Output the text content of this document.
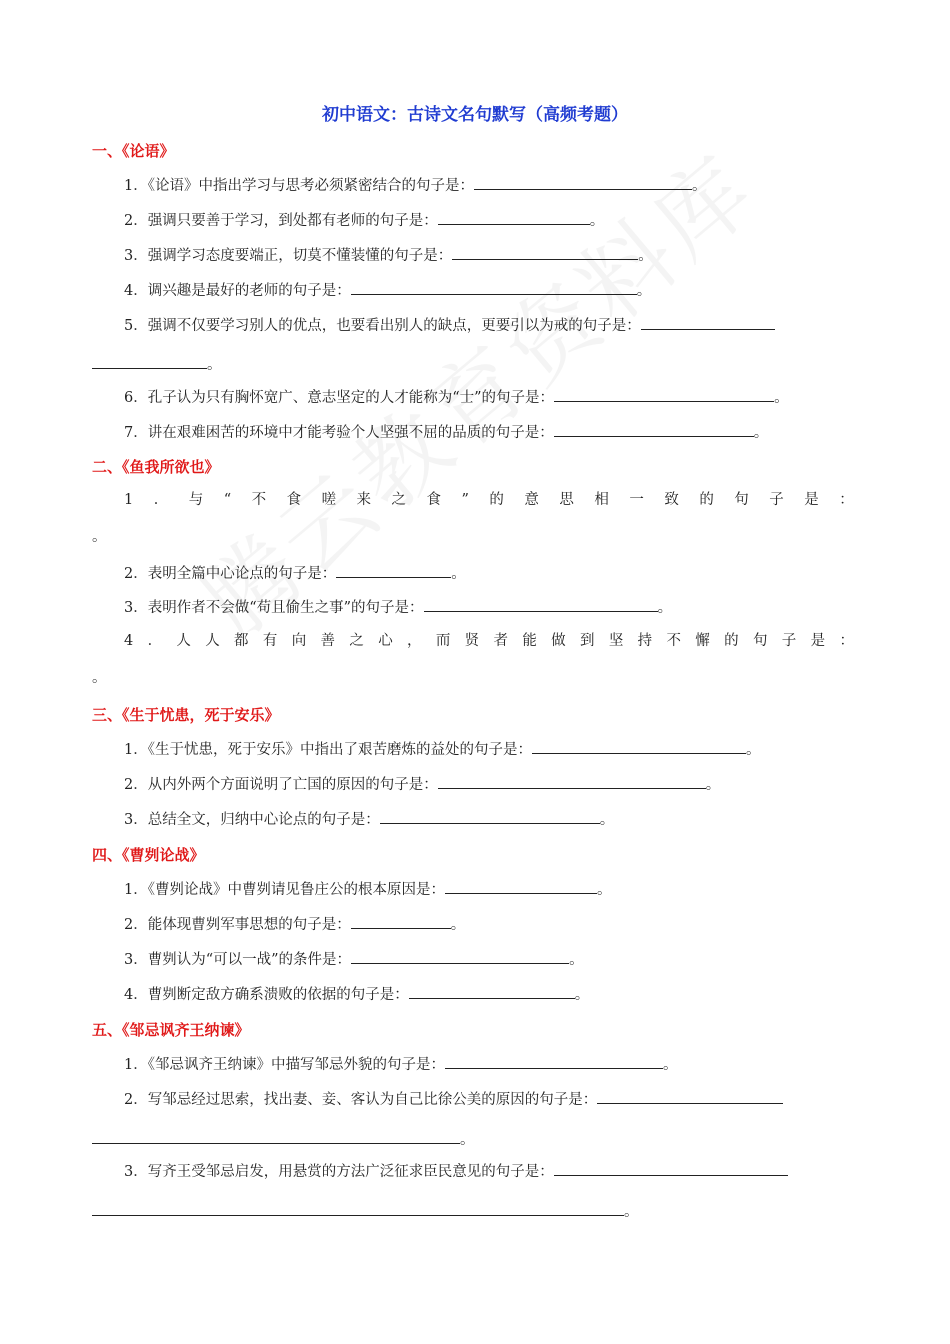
初中语文：古诗文名句默写（高频考题）
一、《论语》
1．《论语》中指出学习与思考必须紧密结合的句子是：	。
2．强调只要善于学习，到处都有老师的句子是：	。
3．强调学习态度要端正，切莫不懂装懂的句子是：	。
4．调兴趣是最好的老师的句子是：	。
5．强调不仅要学习别人的优点，也要看出别人的缺点，更要引以为戒的句子是：
。
6．孔子认为只有胸怀宽广、意志坚定的人才能称为“士”的句子是：	。
7．讲在艰难困苦的环境中才能考验个人坚强不屈的品质的句子是：	。
二、《鱼我所欲也》
1 ． 与 “ 不 食 嗟 来 之 食 ” 的 意 思 相 一 致 的 句 子 是 ：
。
2．表明全篇中心论点的句子是：	。
3．表明作者不会做“苟且偷生之事”的句子是：	。
4 ． 人 人 都 有 向 善 之 心 ， 而 贤 者 能 做 到 坚 持 不 懈 的 句 子 是 ：
。
三、《生于忧患，死于安乐》
1．《生于忧患，死于安乐》中指出了艰苦磨炼的益处的句子是：	。
2．从内外两个方面说明了亡国的原因的句子是：	。
3．总结全文，归纳中心论点的句子是：	。
四、《曹刿论战》
1．《曹刿论战》中曹刿请见鲁庄公的根本原因是：	。
2．能体现曹刿军事思想的句子是：	。
3．曹刿认为“可以一战”的条件是：	。
4．曹刿断定敌方确系溃败的依据的句子是：	。
五、《邹忌讽齐王纳谏》
1．《邹忌讽齐王纳谏》中描写邹忌外貌的句子是：	。
2．写邹忌经过思索，找出妻、妾、客认为自己比徐公美的原因的句子是：
。
3．写齐王受邹忌启发，用悬赏的方法广泛征求臣民意见的句子是：
。
